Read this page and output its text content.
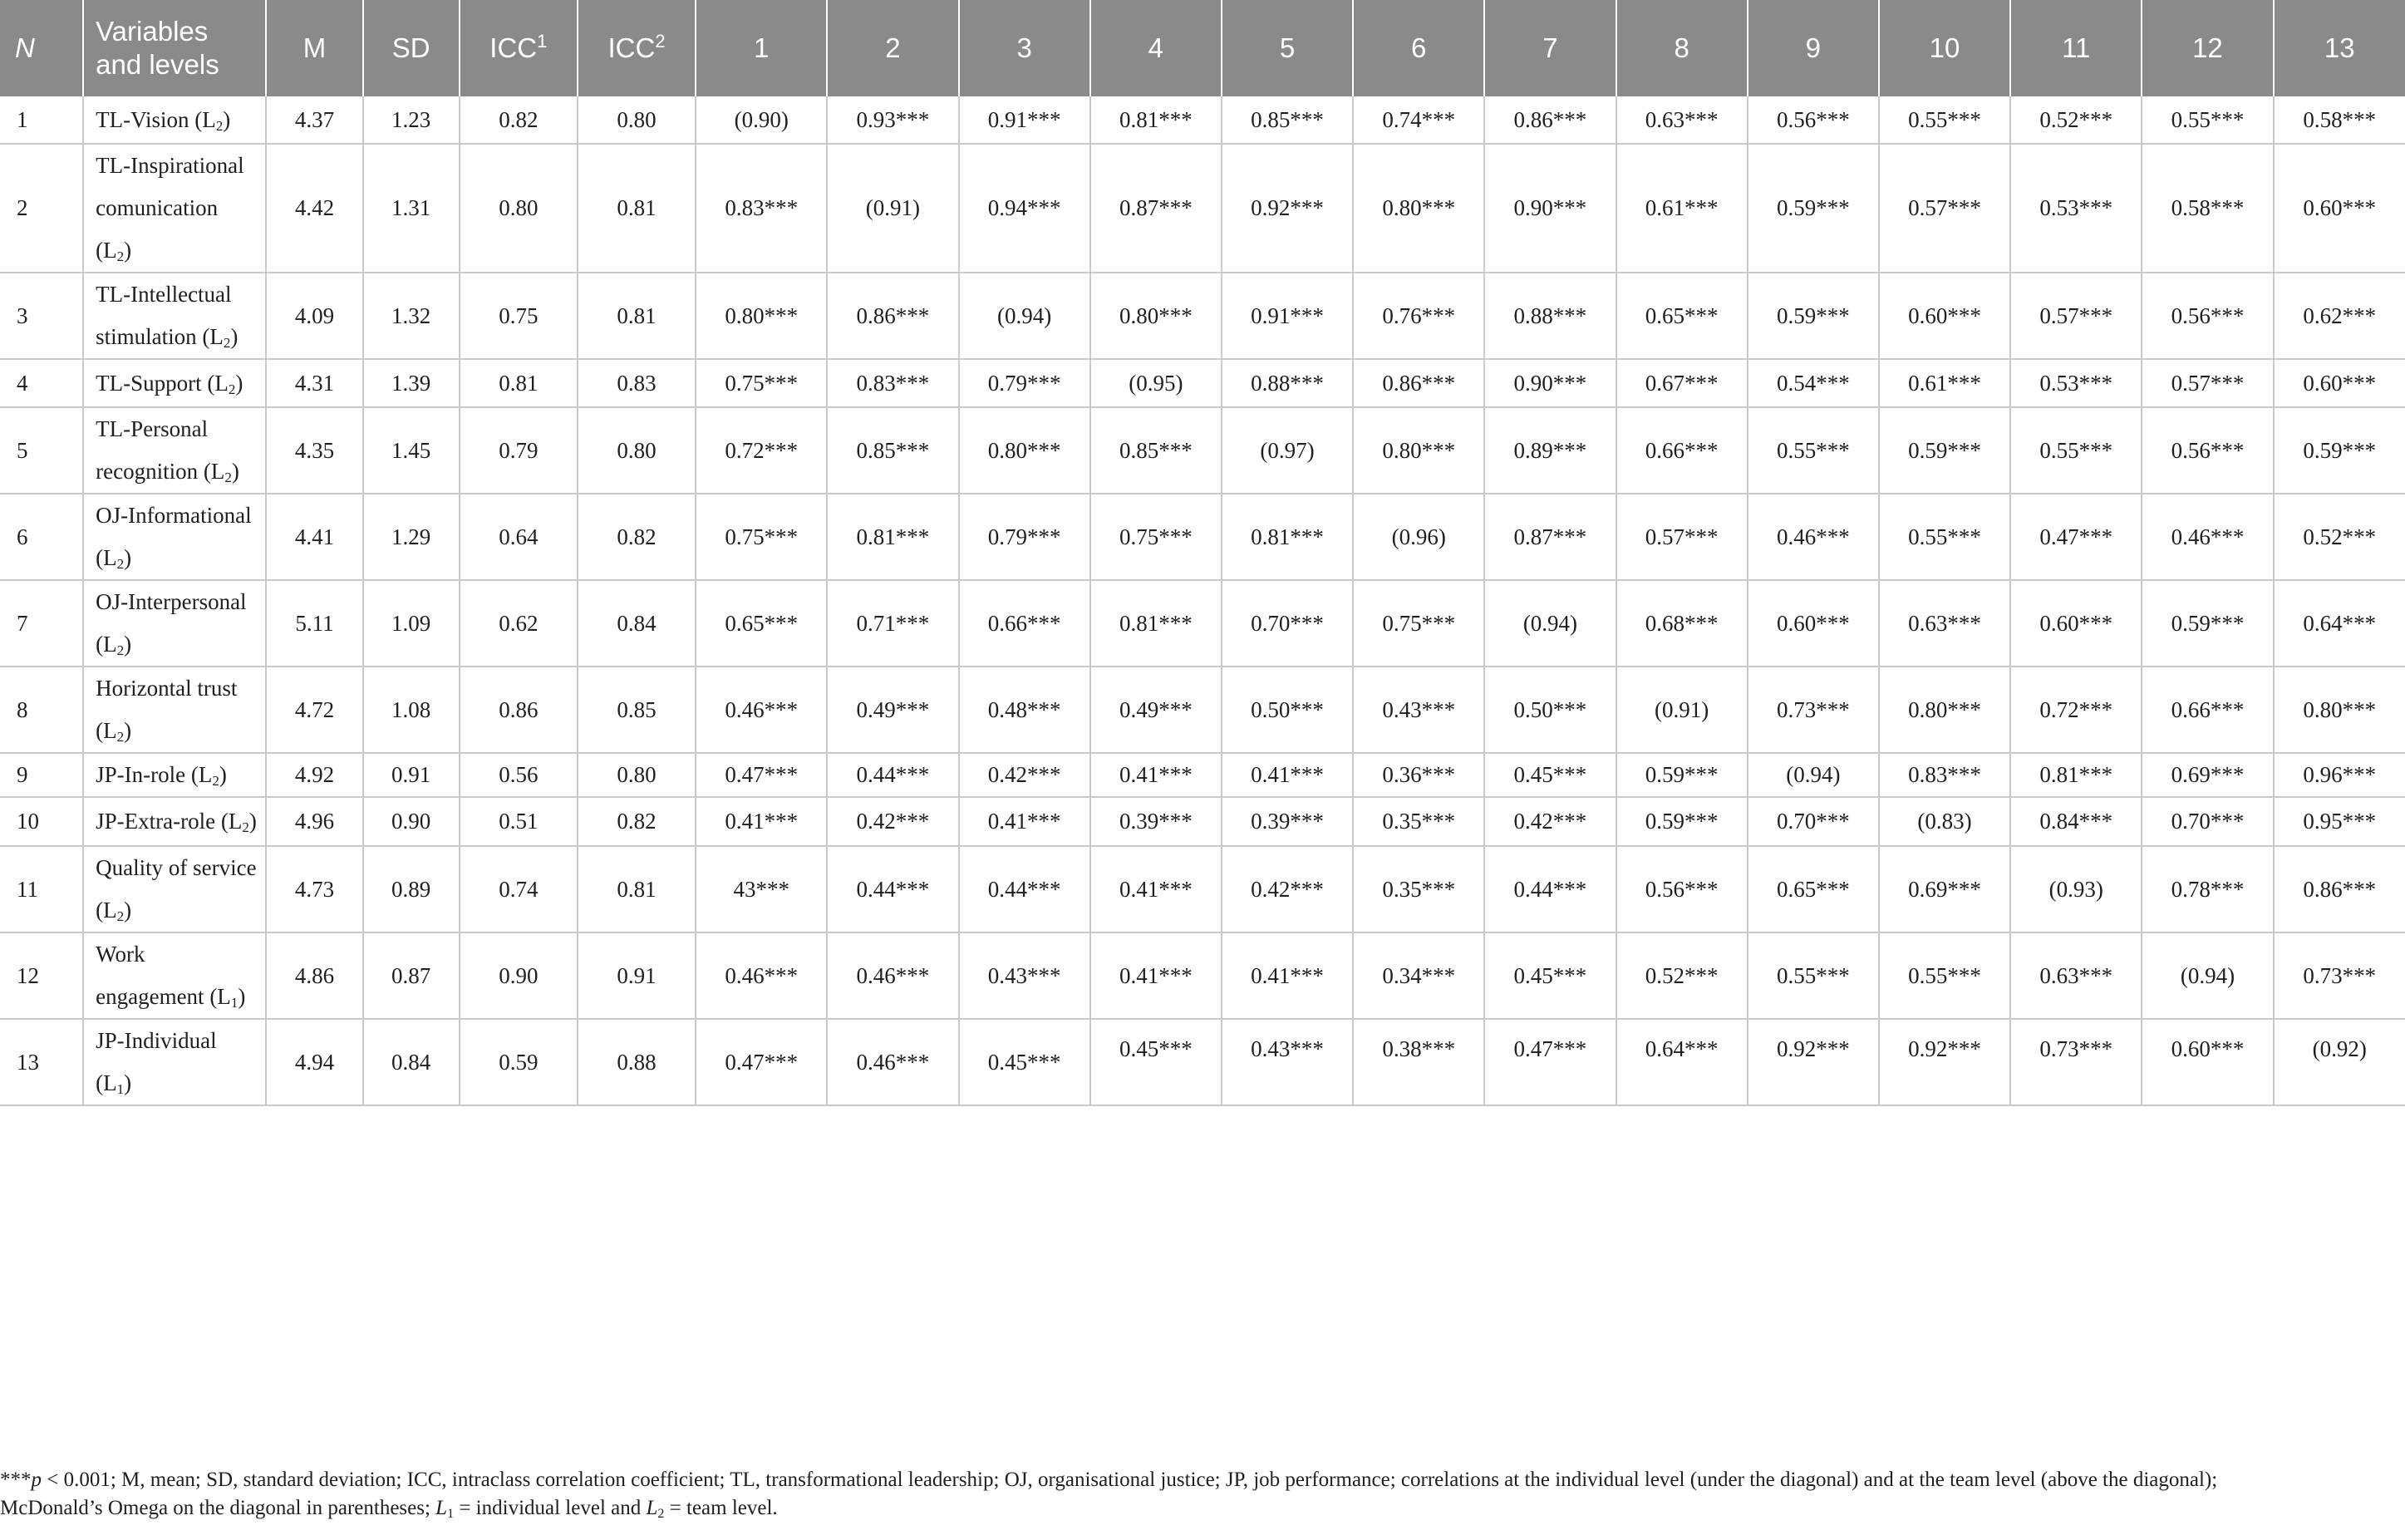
N	Variables and levels	M	SD	ICC$^1$	ICC$^2$	1	2	3	4	5	6	7	8	9	10	11	12	13
1	TL-Vision $(L_2)$	4.37	1.23	0.82	0.80	(0.90)	0.93***	0.91***	0.81***	0.85***	0.74***	0.86***	0.63***	0.56***	0.55***	0.52***	0.55***	0.58***
2	TL-Inspirational comunication $(L_2)$	4.42	1.31	0.80	0.81	0.83***	(0.91)	0.94***	0.87***	0.92***	0.80***	0.90***	0.61***	0.59***	0.57***	0.53***	0.58***	0.60***
3	TL-Intellectual stimulation $(L_2)$	4.09	1.32	0.75	0.81	0.80***	0.86***	(0.94)	0.80***	0.91***	0.76***	0.88***	0.65***	0.59***	0.60***	0.57***	0.56***	0.62***
4	TL-Support $(L_2)$	4.31	1.39	0.81	0.83	0.75***	0.83***	0.79***	(0.95)	0.88***	0.86***	0.90***	0.67***	0.54***	0.61***	0.53***	0.57***	0.60***
5	TL-Personal recognition $(L_2)$	4.35	1.45	0.79	0.80	0.72***	0.85***	0.80***	0.85***	(0.97)	0.80***	0.89***	0.66***	0.55***	0.59***	0.55***	0.56***	0.59***
6	OJ-Informational $(L_2)$	4.41	1.29	0.64	0.82	0.75***	0.81***	0.79***	0.75***	0.81***	(0.96)	0.87***	0.57***	0.46***	0.55***	0.47***	0.46***	0.52***
7	OJ-Interpersonal $(L_2)$	5.11	1.09	0.62	0.84	0.65***	0.71***	0.66***	0.81***	0.70***	0.75***	(0.94)	0.68***	0.60***	0.63***	0.60***	0.59***	0.64***
8	Horizontal trust $(L_2)$	4.72	1.08	0.86	0.85	0.46***	0.49***	0.48***	0.49***	0.50***	0.43***	0.50***	(0.91)	0.73***	0.80***	0.72***	0.66***	0.80***
9	JP-In-role $(L_2)$	4.92	0.91	0.56	0.80	0.47***	0.44***	0.42***	0.41***	0.41***	0.36***	0.45***	0.59***	(0.94)	0.83***	0.81***	0.69***	0.96***
10	JP-Extra-role $(L_2)$	4.96	0.90	0.51	0.82	0.41***	0.42***	0.41***	0.39***	0.39***	0.35***	0.42***	0.59***	0.70***	(0.83)	0.84***	0.70***	0.95***
11	Quality of service $(L_2)$	4.73	0.89	0.74	0.81	43***	0.44***	0.44***	0.41***	0.42***	0.35***	0.44***	0.56***	0.65***	0.69***	(0.93)	0.78***	0.86***
12	Work engagement $(L_1)$	4.86	0.87	0.90	0.91	0.46***	0.46***	0.43***	0.41***	0.41***	0.34***	0.45***	0.52***	0.55***	0.55***	0.63***	(0.94)	0.73***
13	JP-Individual $(L_1)$	4.94	0.84	0.59	0.88	0.47***	0.46***	0.45***	0.45***	0.43***	0.38***	0.47***	0.64***	0.92***	0.92***	0.73***	0.60***	(0.92)
***p < 0.001; M, mean; SD, standard deviation; ICC, intraclass correlation coefficient; TL, transformational leadership; OJ, organisational justice; JP, job performance; correlations at the individual level (under the diagonal) and at the team level (above the diagonal);
McDonald’s Omega on the diagonal in parentheses; $L_1$ = individual level and $L_2$ = team level.
